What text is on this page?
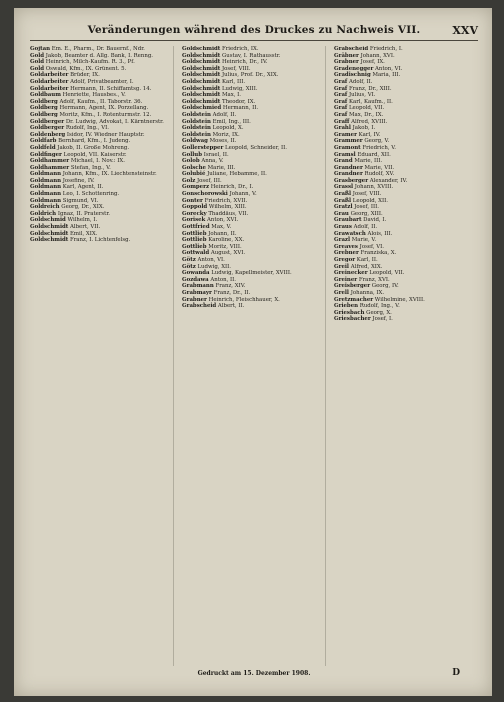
Veränderungen während des Druckes zu Nachweis VII.	XXV

Gojtan Em. E., Pharm., Dr. Bauernf., Ndr.

Gold Jakob, Beamter d. Allg. Bank, I. Renng.

Gold Heinrich, Milch-Kaufm. R. 3., Pf.

Gold Oswald, Kfm., IX. Grünent. 5.

Goldarbeiter Brüder, IX.

Goldarbeiter Adolf, Privatbeamter, I.

Goldarbeiter Hermann, II. Schiffamtsg. 14.

Goldbaum Henriette, Hausbes., V.

Goldberg Adolf, Kaufm., II. Taborstr. 36.

Goldberg Hermann, Agent, IX. Porzellang.

Goldberg Moritz, Kfm., I. Rotenturmstr. 12.

Goldberger Dr. Ludwig, Advokat, I. Kärntnerstr.

Goldberger Rudolf, Ing., VI.

Goldenberg Isidor, IV. Wiedner Hauptstr.

Goldfarb Bernhard, Kfm., I. Judeng.

Goldfeld Jakob, II. Große Mohreng.

Goldfinger Leopold, VII. Kaiserstr.

Goldhammer Michael, I. Nov.: IX.

Goldhammer Stefan, Ing., V.

Goldmann Johann, Kfm., IX. Liechtensteinstr.

Goldmann Josefine, IV.

Goldmann Karl, Agent, II.

Goldmann Leo, I. Schottenring.

Goldmann Sigmund, VI.

Goldreich Georg, Dr., XIX.

Goldrich Ignaz, II. Praterstr.

Goldschmid Wilhelm, I.

Goldschmidt Albert, VII.

Goldschmidt Emil, XIX.

Goldschmidt Franz, I. Lichtenfelsg.

Goldschmidt Friedrich, IX.

Goldschmidt Gustav, I. Rathausstr.

Goldschmidt Heinrich, Dr., IV.

Goldschmidt Josef, VIII.

Goldschmidt Julius, Prof. Dr., XIX.

Goldschmidt Karl, III.

Goldschmidt Ludwig, XIII.

Goldschmidt Max, I.

Goldschmidt Theodor, IX.

Goldschmied Hermann, II.

Goldstein Adolf, II.

Goldstein Emil, Ing., III.

Goldstein Leopold, X.

Goldstein Moriz, IX.

Goldwag Moses, II.

Gollerstepper Leopold, Schneider, II.

Gollub Israel, II.

Golob Anna, V.

Golsche Marie, III.

Golubié Juliane, Hebamme, II.

Golz Josef, III.

Gomperz Heinrich, Dr., I.

Gonschorowski Johann, V.

Gonter Friedrich, XVII.

Goppold Wilhelm, XIII.

Gorecky Thaddäus, VII.

Gorisek Anton, XVI.

Gottfried Max, V.

Gottlieb Johann, II.

Gottlieb Karoline, XX.

Gottlieb Moritz, VIII.

Gottwald August, XVI.

Götz Anton, VI.

Götz Ludwig, XII.

Gowanda Ludwig, Kapellmeister, XVIII.

Gozdawa Anton, II.

Grabmann Franz, XIV.

Grabmayr Franz, Dr., II.

Grabner Heinrich, Fleischhauer, X.

Grabscheid Albert, II.

Grabscheid Friedrich, I.

Gräbner Johann, XVI.

Grabner Josef, IX.

Gradenegger Anton, VI.

Gradischnig Maria, III.

Graf Adolf, II.

Graf Franz, Dr., XIII.

Graf Julius, VI.

Graf Karl, Kaufm., II.

Graf Leopold, VII.

Graf Max, Dr., IX.

Graff Alfred, XVIII.

Grahl Jakob, I.

Gramer Karl, IV.

Grammer Georg, V.

Gramont Friedrich, V.

Gramsl Eduard, XII.

Grand Marie, III.

Grandner Marie, VII.

Grandner Rudolf, XV.

Grasberger Alexander, IV.

Grassl Johann, XVIII.

Graßl Josef, VIII.

Graßl Leopold, XII.

Gratzl Josef, III.

Grau Georg, XIII.

Graubart David, I.

Graus Adolf, II.

Grawatsch Alois, III.

Grazl Marie, V.

Greaves Josef, VI.

Grebner Franziska, X.

Gregor Karl, II.

Greil Alfred, XIX.

Greinecker Leopold, VII.

Greiner Franz, XVI.

Greisberger Georg, IV.

Grell Johanna, IX.

Gretzmacher Wilhelmine, XVIII.

Grieben Rudolf, Ing., V.

Griesbach Georg, X.

Griesbacher Josef, I.

Gedruckt am 15. Dezember 1908.	D
